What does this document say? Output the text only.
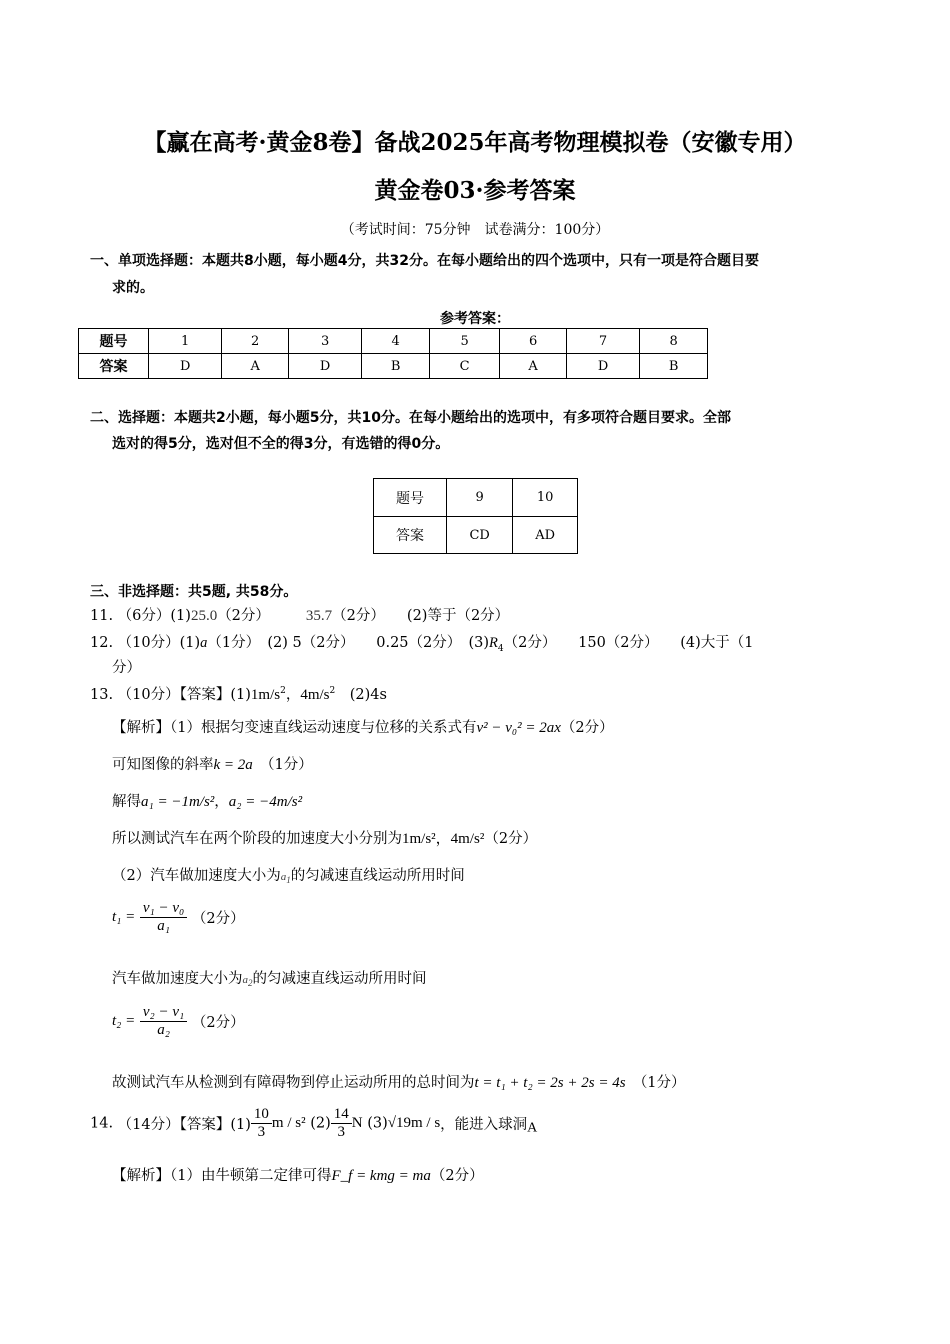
【赢在高考·黄金8卷】备战2025年高考物理模拟卷（安徽专用）
黄金卷03·参考答案
（考试时间：75分钟　试卷满分：100分）
一、单项选择题：本题共8小题，每小题4分，共32分。在每小题给出的四个选项中，只有一项是符合题目要
求的。
参考答案：
题号	1	2	3	4	5	6	7	8
答案	D	A	D	B	C	A	D	B
二、选择题：本题共2小题，每小题5分，共10分。在每小题给出的选项中，有多项符合题目要求。全部
选对的得5分，选对但不全的得3分，有选错的得0分。
题号	9	10
答案	CD	AD
三、非选择题：共5题, 共58分。
11. （6分）(1)25.0（2分） 35.7（2分） (2)等于（2分）
12. （10分）(1)a（1分）　(2) 5（2分）　　0.25（2分）　$(3)R_4(2$分）　　150（2分）　　(4)大于（1
分）
13. （10分）【答案】$(1)1m/s^2$，$4m/s^2$　 (2)4s
【解析】（1）根据匀变速直线运动速度与位移的关系式有v² − v₀² = 2ax（2分）
可知图像的斜率k = 2a　 （1分）
解得a₁ = −1m/s²，a₂ = −4m/s²
所以测试汽车在两个阶段的加速度大小分别为1m/s²，4m/s²（2分）
（2）汽车做加速度大小为$a_1$的匀减速直线运动所用时间
$t_1 = \frac{\text{v₁ − v₀}}{\text{a₁}} (2$分）
汽车做加速度大小为$a_2$的匀减速直线运动所用时间
$t_2 = \frac{\text{v₂ − v₁}}{\text{a₂}} (2$分）
故测试汽车从检测到有障碍物到停止运动所用的总时间为t = t₁ + t₂ = 2s + 2s = 4s　 （1分）
14. （14分）【答案】$(1) \frac{10}{3}$ m / s² $(2) \frac{14}{3}$ N (3)√19m / s，能进入球洞A
【解析】（1）由牛顿第二定律可得F_f = kmg = ma（2分）
